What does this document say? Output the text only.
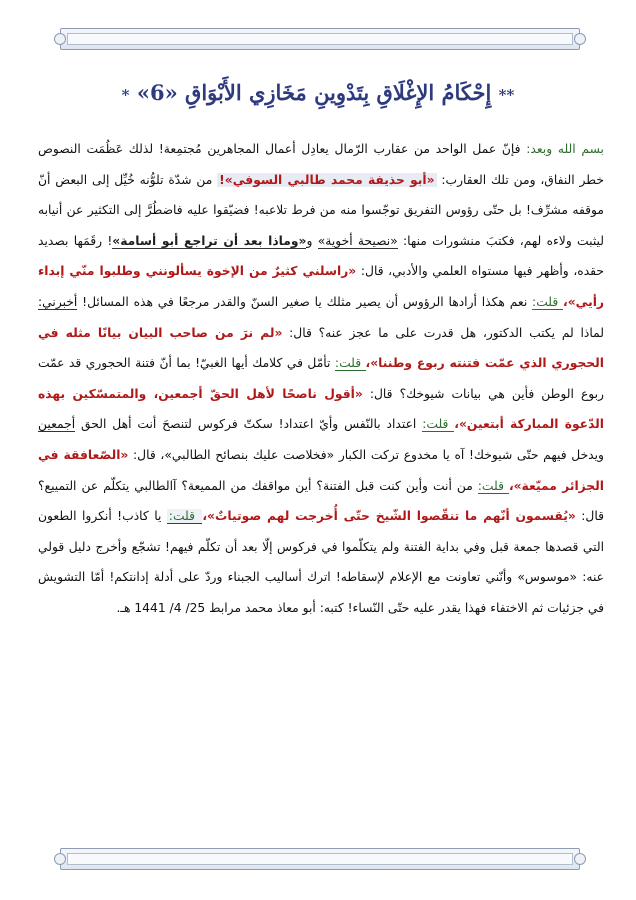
** إِحْكَامُ الإِغْلَاقِ بِتَدْوِينِ مَخَازِي الأَبْوَاقِ «6» *

بسم الله وبعد: فإنّ عمل الواحد من عقارب الرّمال يعادِل أعمال المجاهرين مُجتمِعة! لذلك عَظُمَت النصوص خطر النفاق، ومن تلك العقارب: «أبو حذيفة محمد طالبي السوفي»! من شدّة تلوُّنه خُيِّل إلى البعض أنّ موقفه مشرِّف! بل حتّى رؤوس التفريق توجّسوا منه من فرط تلاعبه! فضيّقوا عليه فاضطُرَّ إلى التكثير عن أنيابه ليثبت ولاءه لهم، فكتبَ منشورات منها: «نصيحة أخوية» و«وماذا بعد أن تراجع أبو أسامة»! رقَمَها بصديد حقده، وأظهر فيها مستواه العلمي والأدبي، قال: «راسلني كثيرٌ من الإخوة يسألونني وطلبوا منّي إبداء رأيي»، قلت: نعم هكذا أرادها الرؤوس أن يصير مثلك يا صغير السنّ والقدر مرجعًا في هذه المسائل! أخبرني: لماذا لم يكتب الدكتور، هل قدرت على ما عجز عنه؟ قال: «لم نرَ من صاحب البيان بيانًا مثله في الحجوري الذي عمّت فتنته ربوع وطننا»، قلت: تأمّل في كلامك أيها الغبيّ! بما أنّ فتنة الحجوري قد عمّت ربوع الوطن فأين هي بيانات شيوخك؟ قال: «أقول ناصحًا لأهل الحقّ أجمعين، والمتمسّكين بهذه الدّعوة المباركة أبتعين»، قلت: اعتداد بالنّفس وأيّ اعتداد! سكتّ فركوس لتنصحَ أنت أهل الحق أجمعين ويدخل فيهم حتّى شيوخك! آه يا مخدوع تركت الكبار «فخلاصت عليك بنصائح الطالبي»، قال: «الصّعافقة في الجزائر مميّعة»، قلت: من أنت وأين كنت قبل الفتنة؟ أين مواقفك من المميعة؟ آالطالبي يتكلّم عن التمييع؟ قال: «يُقسمون أنّهم ما تنقّصوا الشّيخ حتّى أُخرجت لهم صوتياتٌ»، قلت: يا كاذب! أنكروا الطعون التي قصدها جمعة قبل وفي بداية الفتنة ولم يتكلّموا في فركوس إلّا بعد أن تكلّم فيهم! تشجّع وأخرج دليل قولي عنه: «موسوس» وأنّني تعاونت مع الإعلام لإسقاطه! اترك أساليب الجبناء وردّ على أدلة إدانتكم! أمّا التشويش في جزئيات ثم الاختفاء فهذا يقدر عليه حتّى النّساء! كتبه: أبو معاذ محمد مرابط 25/ 4/ 1441 هـ.
